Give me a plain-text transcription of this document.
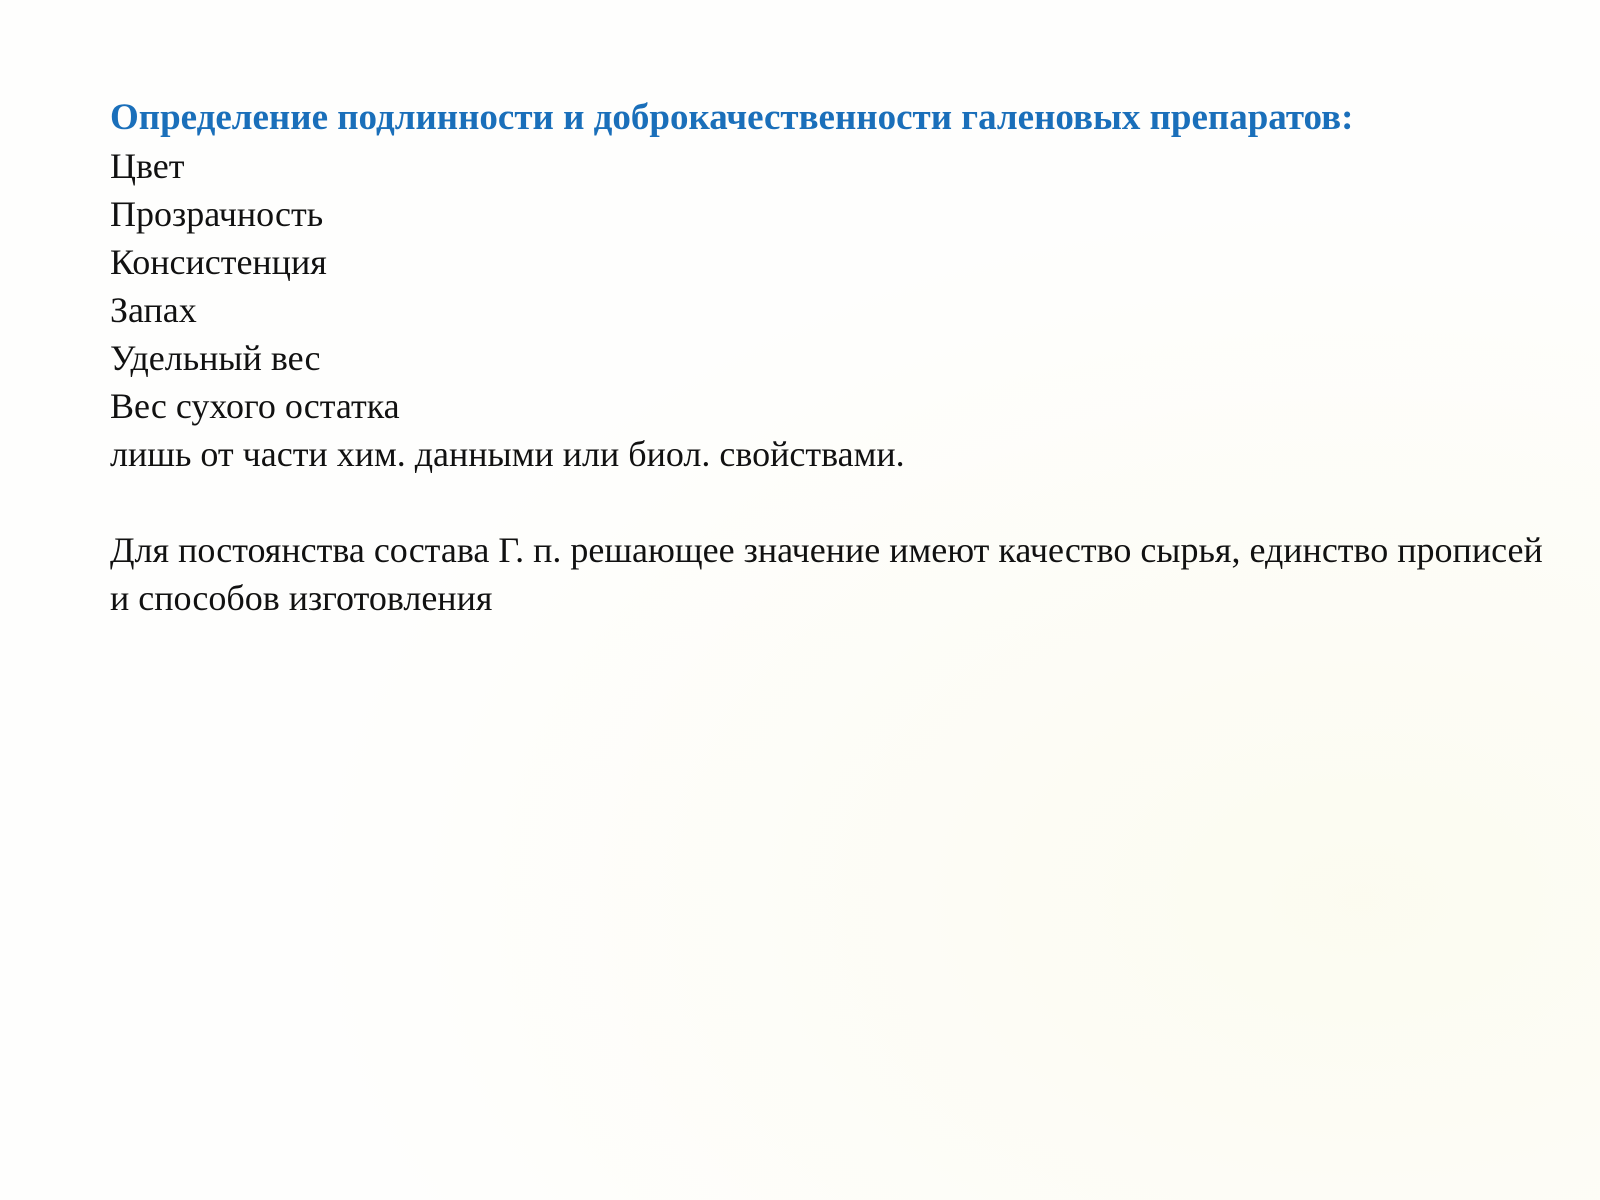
Определение подлинности и доброкачественности галеновых препаратов:
Цвет
Прозрачность
Консистенция
Запах
Удельный вес
Вес сухого остатка
лишь от части хим. данными или биол. свойствами.

Для постоянства состава Г. п. решающее значение имеют качество сырья, единство прописей и способов изготовления
